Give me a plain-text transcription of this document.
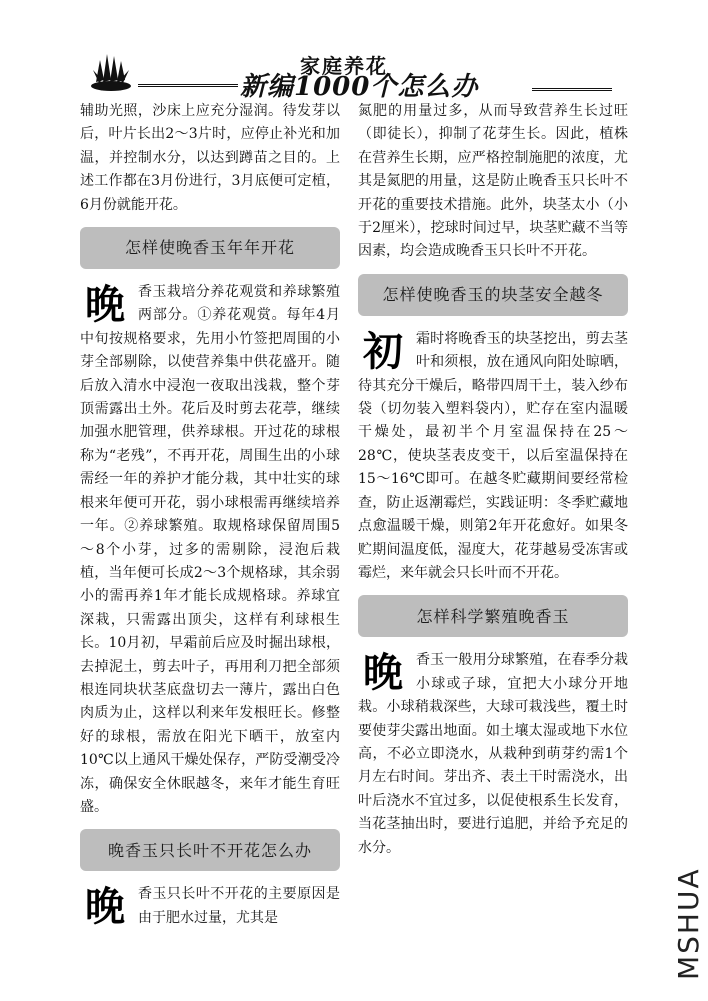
家庭养花
新编1000个怎么办

辅助光照，沙床上应充分湿润。待发芽以后，叶片长出2～3片时，应停止补光和加温，并控制水分，以达到蹲苗之目的。上述工作都在3月份进行，3月底便可定植，6月份就能开花。

怎样使晚香玉年年开花

晚 香玉栽培分养花观赏和养球繁殖两部分。①养花观赏。每年4月中旬按规格要求，先用小竹签把周围的小芽全部剔除，以使营养集中供花盛开。随后放入清水中浸泡一夜取出浅栽，整个芽顶需露出土外。花后及时剪去花葶，继续加强水肥管理，供养球根。开过花的球根称为“老残”，不再开花，周围生出的小球需经一年的养护才能分栽，其中壮实的球根来年便可开花，弱小球根需再继续培养一年。②养球繁殖。取规格球保留周围5～8个小芽，过多的需剔除，浸泡后栽植，当年便可长成2～3个规格球，其余弱小的需再养1年才能长成规格球。养球宜深栽，只需露出顶尖，这样有利球根生长。10月初，早霜前后应及时掘出球根，去掉泥土，剪去叶子，再用利刀把全部须根连同块状茎底盘切去一薄片，露出白色肉质为止，这样以利来年发根旺长。修整好的球根，需放在阳光下晒干，放室内10℃以上通风干燥处保存，严防受潮受冷冻，确保安全休眠越冬，来年才能生育旺盛。

晚香玉只长叶不开花怎么办

晚 香玉只长叶不开花的主要原因是由于肥水过量，尤其是

氮肥的用量过多，从而导致营养生长过旺（即徒长），抑制了花芽生长。因此，植株在营养生长期，应严格控制施肥的浓度，尤其是氮肥的用量，这是防止晚香玉只长叶不开花的重要技术措施。此外，块茎太小（小于2厘米），挖球时间过早，块茎贮藏不当等因素，均会造成晚香玉只长叶不开花。

怎样使晚香玉的块茎安全越冬

初 霜时将晚香玉的块茎挖出，剪去茎叶和须根，放在通风向阳处晾晒，待其充分干燥后，略带四周干土，装入纱布袋（切勿装入塑料袋内），贮存在室内温暖干燥处，最初半个月室温保持在25～28℃，使块茎表皮变干，以后室温保持在15～16℃即可。在越冬贮藏期间要经常检查，防止返潮霉烂，实践证明：冬季贮藏地点愈温暖干燥，则第2年开花愈好。如果冬贮期间温度低，湿度大，花芽越易受冻害或霉烂，来年就会只长叶而不开花。

怎样科学繁殖晚香玉

晚 香玉一般用分球繁殖，在春季分栽小球或子球，宜把大小球分开地栽。小球稍栽深些，大球可栽浅些，覆土时要使芽尖露出地面。如土壤太湿或地下水位高，不必立即浇水，从栽种到萌芽约需1个月左右时间。芽出齐、表土干时需浇水，出叶后浇水不宜过多，以促使根系生长发育，当花茎抽出时，要进行追肥，并给予充足的水分。

MSHUA
